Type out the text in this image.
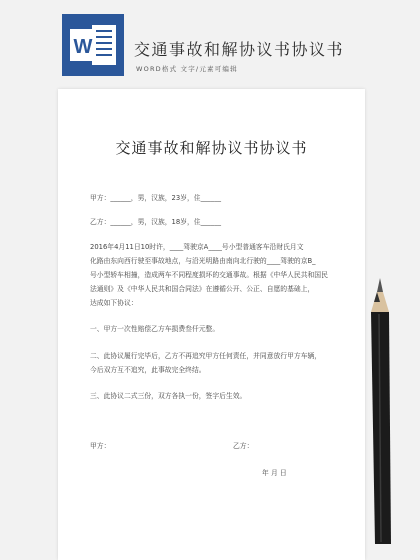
W	交通事故和解协议书协议书
WORD格式 文字/元素可编辑
交通事故和解协议书协议书
甲方：______，男，汉族，23岁，住______
乙方：______，男，汉族，18岁，住______
2016年4月11日10时许，____驾驶京A____号小型普通客车沿财氏月文
化路由东向西行驶至事故地点，与沿光明路由南向北行驶的____驾驶的京B_
号小型轿车相撞，造成两车不同程度损坏的交通事故。根据《中华人民共和国民
法通则》及《中华人民共和国合同法》在遵循公开、公正、自愿的基础上，
达成如下协议：
一、甲方一次性赔偿乙方车损费叁仟元整。
二、此协议履行完毕后，乙方不再追究甲方任何责任，并同意放行甲方车辆，
今后双方互不追究，此事故完全终结。
三、此协议二式三份，双方各执一份，签字后生效。
甲方：	乙方：
年 月 日
